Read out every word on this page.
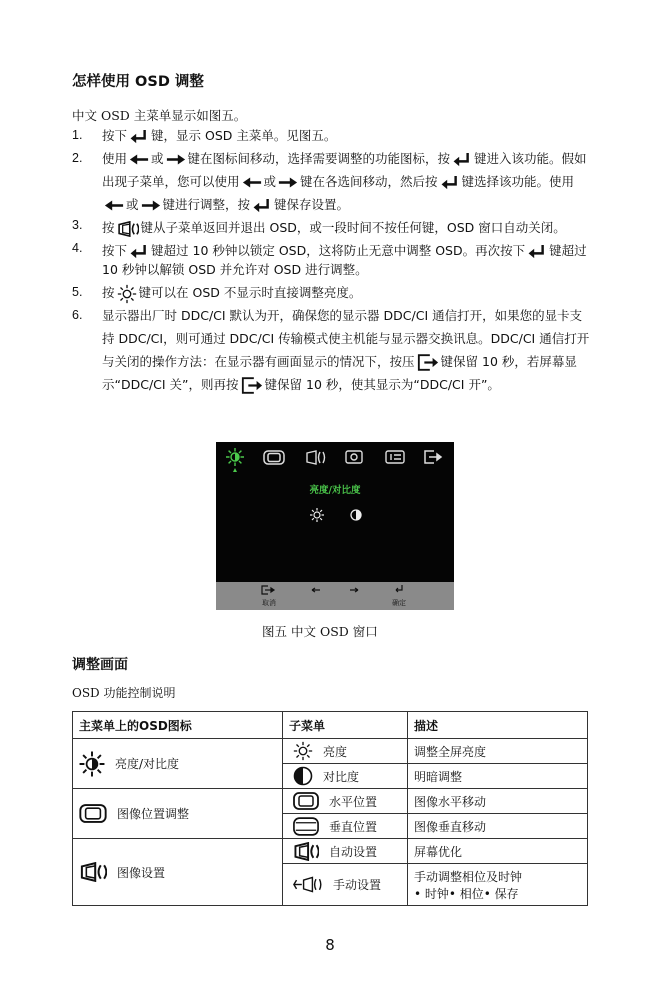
怎样使用 OSD 调整
中文 OSD 主菜单显示如图五。
1. 按下 键，显示 OSD 主菜单。见图五。
2. 使用 或 键在图标间移动，选择需要调整的功能图标，按 键进入该功能。假如出现子菜单，您可以使用 或 键在各选间移动，然后按 键选择该功能。使用或 键进行调整，按 键保存设置。
3. 按 键从子菜单返回并退出 OSD，或一段时间不按任何键，OSD 窗口自动关闭。
4. 按下 键超过 10 秒钟以锁定 OSD，这将防止无意中调整 OSD。再次按下 键超过 10 秒钟以解锁 OSD 并允许对 OSD 进行调整。
5. 按 键可以在 OSD 不显示时直接调整亮度。
6. 显示器出厂时 DDC/CI 默认为开，确保您的显示器 DDC/CI 通信打开，如果您的显卡支持 DDC/CI，则可通过 DDC/CI 传输模式使主机能与显示器交换讯息。DDC/CI 通信打开与关闭的操作方法：在显示器有画面显示的情况下，按压 键保留 10 秒，若屏幕显示“DDC/CI 关”，则再按 键保留 10 秒，使其显示为“DDC/CI 开”。
亮度/对比度
取消	确定
图五 中文 OSD 窗口
调整画面
OSD 功能控制说明
主菜单上的OSD图标	子菜单	描述

亮度/对比度	亮度	调整全屏亮度

	对比度	明暗调整

图像位置调整	水平位置	图像水平移动

	垂直位置	图像垂直移动

图像设置	自动设置	屏幕优化

	手动设置	手动调整相位及时钟
• 时钟• 相位• 保存
8
